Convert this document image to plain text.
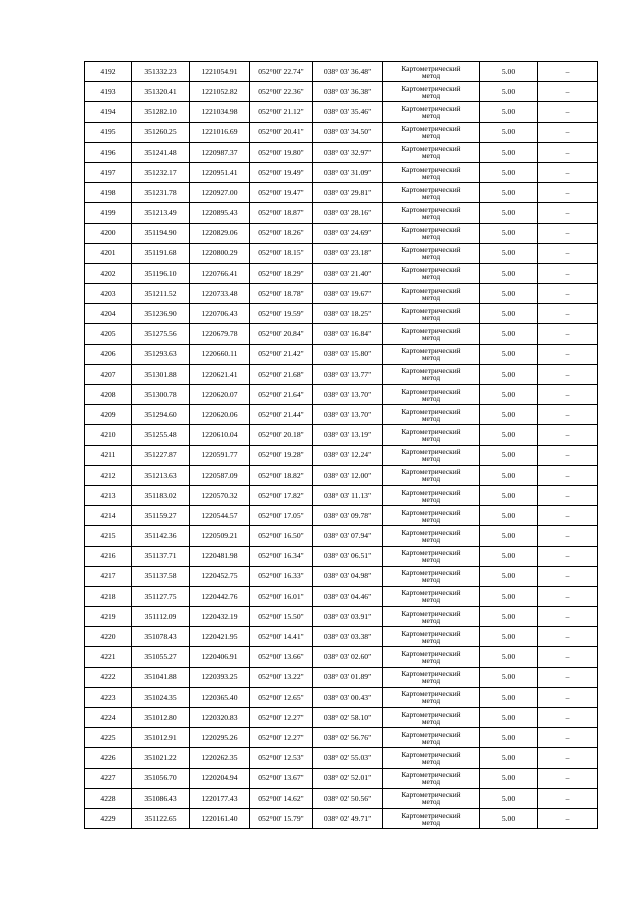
4192	351332.23	1221054.91	052°00' 22.74"	038° 03' 36.48"	Картометрический
метод	5.00	–
4193	351320.41	1221052.82	052°00' 22.36"	038° 03' 36.38"	Картометрический
метод	5.00	–
4194	351282.10	1221034.98	052°00' 21.12"	038° 03' 35.46"	Картометрический
метод	5.00	–
4195	351260.25	1221016.69	052°00' 20.41"	038° 03' 34.50"	Картометрический
метод	5.00	–
4196	351241.48	1220987.37	052°00' 19.80"	038° 03' 32.97"	Картометрический
метод	5.00	–
4197	351232.17	1220951.41	052°00' 19.49"	038° 03' 31.09"	Картометрический
метод	5.00	–
4198	351231.78	1220927.00	052°00' 19.47"	038° 03' 29.81"	Картометрический
метод	5.00	–
4199	351213.49	1220895.43	052°00' 18.87"	038° 03' 28.16"	Картометрический
метод	5.00	–
4200	351194.90	1220829.06	052°00' 18.26"	038° 03' 24.69"	Картометрический
метод	5.00	–
4201	351191.68	1220800.29	052°00' 18.15"	038° 03' 23.18"	Картометрический
метод	5.00	–
4202	351196.10	1220766.41	052°00' 18.29"	038° 03' 21.40"	Картометрический
метод	5.00	–
4203	351211.52	1220733.48	052°00' 18.78"	038° 03' 19.67"	Картометрический
метод	5.00	–
4204	351236.90	1220706.43	052°00' 19.59"	038° 03' 18.25"	Картометрический
метод	5.00	–
4205	351275.56	1220679.78	052°00' 20.84"	038° 03' 16.84"	Картометрический
метод	5.00	–
4206	351293.63	1220660.11	052°00' 21.42"	038° 03' 15.80"	Картометрический
метод	5.00	–
4207	351301.88	1220621.41	052°00' 21.68"	038° 03' 13.77"	Картометрический
метод	5.00	–
4208	351300.78	1220620.07	052°00' 21.64"	038° 03' 13.70"	Картометрический
метод	5.00	–
4209	351294.60	1220620.06	052°00' 21.44"	038° 03' 13.70"	Картометрический
метод	5.00	–
4210	351255.48	1220610.04	052°00' 20.18"	038° 03' 13.19"	Картометрический
метод	5.00	–
4211	351227.87	1220591.77	052°00' 19.28"	038° 03' 12.24"	Картометрический
метод	5.00	–
4212	351213.63	1220587.09	052°00' 18.82"	038° 03' 12.00"	Картометрический
метод	5.00	–
4213	351183.02	1220570.32	052°00' 17.82"	038° 03' 11.13"	Картометрический
метод	5.00	–
4214	351159.27	1220544.57	052°00' 17.05"	038° 03' 09.78"	Картометрический
метод	5.00	–
4215	351142.36	1220509.21	052°00' 16.50"	038° 03' 07.94"	Картометрический
метод	5.00	–
4216	351137.71	1220481.98	052°00' 16.34"	038° 03' 06.51"	Картометрический
метод	5.00	–
4217	351137.58	1220452.75	052°00' 16.33"	038° 03' 04.98"	Картометрический
метод	5.00	–
4218	351127.75	1220442.76	052°00' 16.01"	038° 03' 04.46"	Картометрический
метод	5.00	–
4219	351112.09	1220432.19	052°00' 15.50"	038° 03' 03.91"	Картометрический
метод	5.00	–
4220	351078.43	1220421.95	052°00' 14.41"	038° 03' 03.38"	Картометрический
метод	5.00	–
4221	351055.27	1220406.91	052°00' 13.66"	038° 03' 02.60"	Картометрический
метод	5.00	–
4222	351041.88	1220393.25	052°00' 13.22"	038° 03' 01.89"	Картометрический
метод	5.00	–
4223	351024.35	1220365.40	052°00' 12.65"	038° 03' 00.43"	Картометрический
метод	5.00	–
4224	351012.80	1220320.83	052°00' 12.27"	038° 02' 58.10"	Картометрический
метод	5.00	–
4225	351012.91	1220295.26	052°00' 12.27"	038° 02' 56.76"	Картометрический
метод	5.00	–
4226	351021.22	1220262.35	052°00' 12.53"	038° 02' 55.03"	Картометрический
метод	5.00	–
4227	351056.70	1220204.94	052°00' 13.67"	038° 02' 52.01"	Картометрический
метод	5.00	–
4228	351086.43	1220177.43	052°00' 14.62"	038° 02' 50.56"	Картометрический
метод	5.00	–
4229	351122.65	1220161.40	052°00' 15.79"	038° 02' 49.71"	Картометрический
метод	5.00	–
